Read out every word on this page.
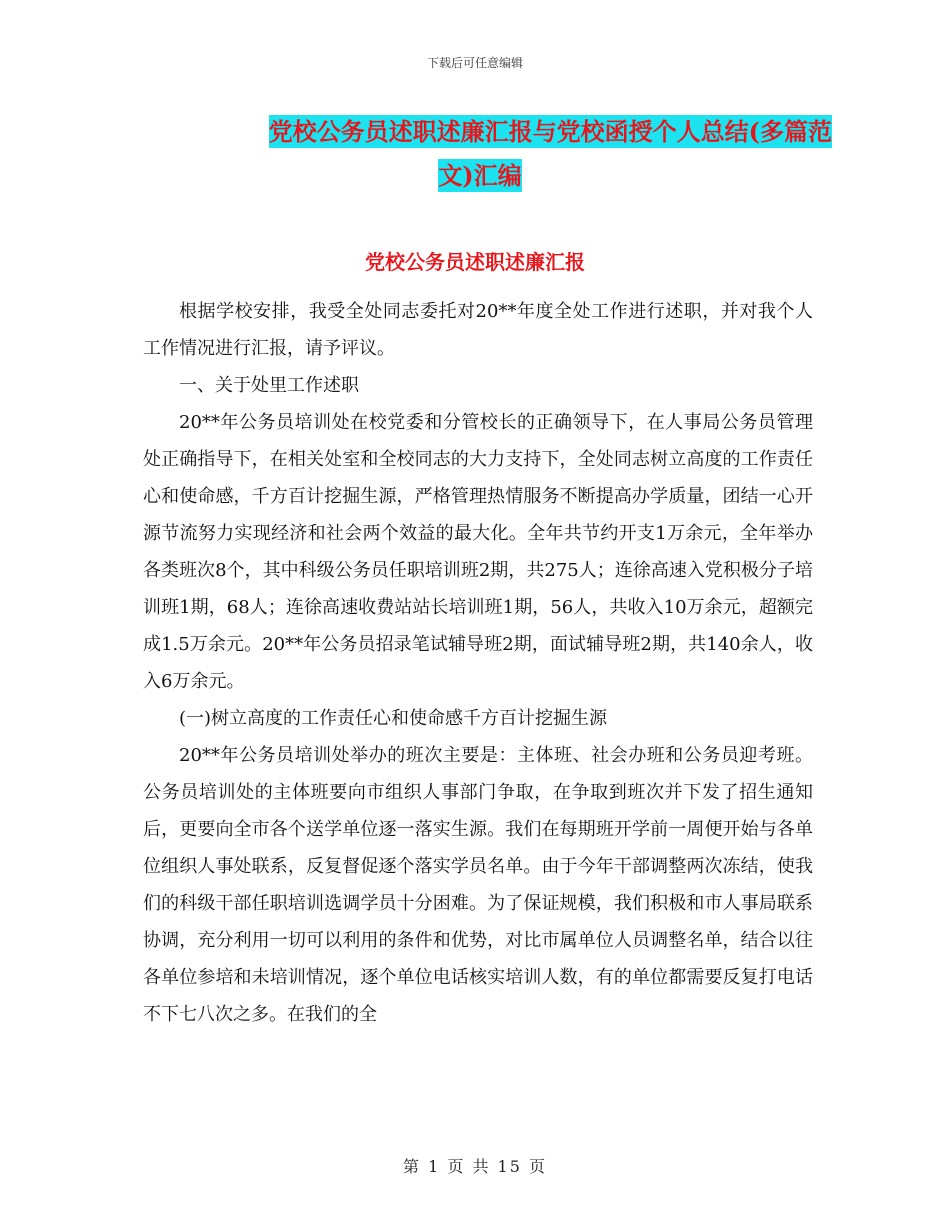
下载后可任意编辑
党校公务员述职述廉汇报与党校函授个人总结(多篇范
文)汇编
党校公务员述职述廉汇报

根据学校安排，我受全处同志委托对20**年度全处工作进行述职，并对我个人工作情况进行汇报，请予评议。

一、关于处里工作述职

20**年公务员培训处在校党委和分管校长的正确领导下，在人事局公务员管理处正确指导下，在相关处室和全校同志的大力支持下，全处同志树立高度的工作责任心和使命感，千方百计挖掘生源，严格管理热情服务不断提高办学质量，团结一心开源节流努力实现经济和社会两个效益的最大化。全年共节约开支1万余元，全年举办各类班次8个，其中科级公务员任职培训班2期，共275人；连徐高速入党积极分子培训班1期，68人；连徐高速收费站站长培训班1期，56人，共收入10万余元，超额完成1.5万余元。20**年公务员招录笔试辅导班2期，面试辅导班2期，共140余人，收入6万余元。

(一)树立高度的工作责任心和使命感千方百计挖掘生源

20**年公务员培训处举办的班次主要是：主体班、社会办班和公务员迎考班。公务员培训处的主体班要向市组织人事部门争取，在争取到班次并下发了招生通知后，更要向全市各个送学单位逐一落实生源。我们在每期班开学前一周便开始与各单位组织人事处联系，反复督促逐个落实学员名单。由于今年干部调整两次冻结，使我们的科级干部任职培训选调学员十分困难。为了保证规模，我们积极和市人事局联系协调，充分利用一切可以利用的条件和优势，对比市属单位人员调整名单，结合以往各单位参培和未培训情况，逐个单位电话核实培训人数，有的单位都需要反复打电话不下七八次之多。在我们的全

第 1 页 共 15 页
